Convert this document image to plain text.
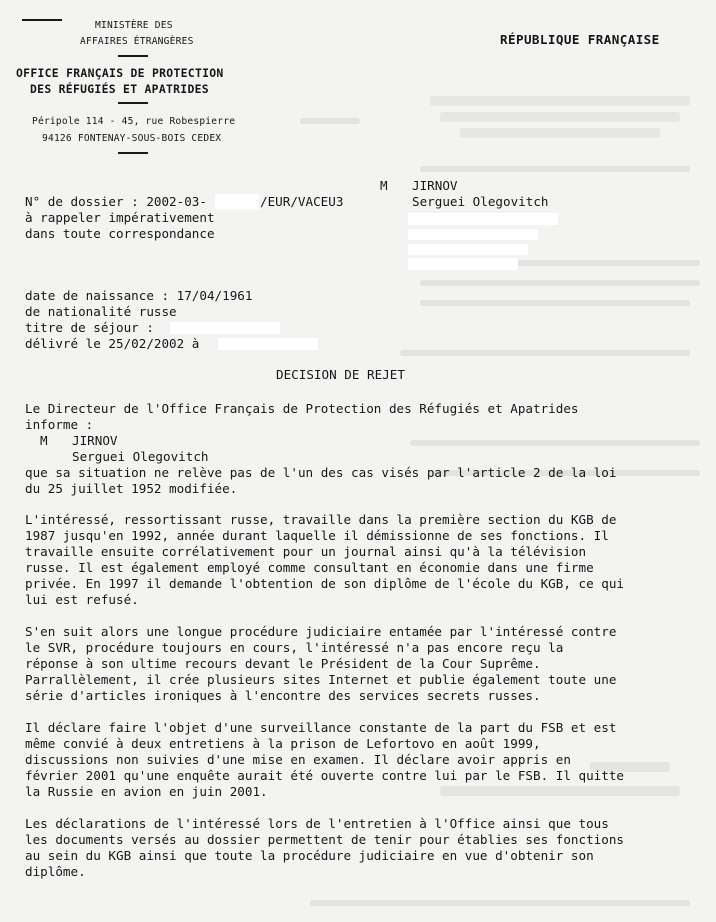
MINISTÈRE DES
AFFAIRES ÉTRANGÈRES
OFFICE FRANÇAIS DE PROTECTION
DES RÉFUGIÉS ET APATRIDES
Péripole 114 - 45, rue Robespierre
94126 FONTENAY-SOUS-BOIS CEDEX
RÉPUBLIQUE FRANÇAISE
M JIRNOV
Serguei Olegovitch
N° de dossier : 2002-03-	/EUR/VACEU3
à rappeler impérativement
dans toute correspondance
date de naissance : 17/04/1961
de nationalité russe
titre de séjour :
délivré le 25/02/2002 à
DECISION DE REJET
Le Directeur de l'Office Français de Protection des Réfugiés et Apatrides
informe :
M JIRNOV
Serguei Olegovitch
que sa situation ne relève pas de l'un des cas visés par l'article 2 de la loi
du 25 juillet 1952 modifiée.
L'intéressé, ressortissant russe, travaille dans la première section du KGB de
1987 jusqu'en 1992, année durant laquelle il démissionne de ses fonctions. Il
travaille ensuite corrélativement pour un journal ainsi qu'à la télévision
russe. Il est également employé comme consultant en économie dans une firme
privée. En 1997 il demande l'obtention de son diplôme de l'école du KGB, ce qui
lui est refusé.
S'en suit alors une longue procédure judiciaire entamée par l'intéressé contre
le SVR, procédure toujours en cours, l'intéressé n'a pas encore reçu la
réponse à son ultime recours devant le Président de la Cour Suprême.
Parrallèlement, il crée plusieurs sites Internet et publie également toute une
série d'articles ironiques à l'encontre des services secrets russes.
Il déclare faire l'objet d'une surveillance constante de la part du FSB et est
même convié à deux entretiens à la prison de Lefortovo en août 1999,
discussions non suivies d'une mise en examen. Il déclare avoir appris en
février 2001 qu'une enquête aurait été ouverte contre lui par le FSB. Il quitte
la Russie en avion en juin 2001.
Les déclarations de l'intéressé lors de l'entretien à l'Office ainsi que tous
les documents versés au dossier permettent de tenir pour établies ses fonctions
au sein du KGB ainsi que toute la procédure judiciaire en vue d'obtenir son
diplôme.
